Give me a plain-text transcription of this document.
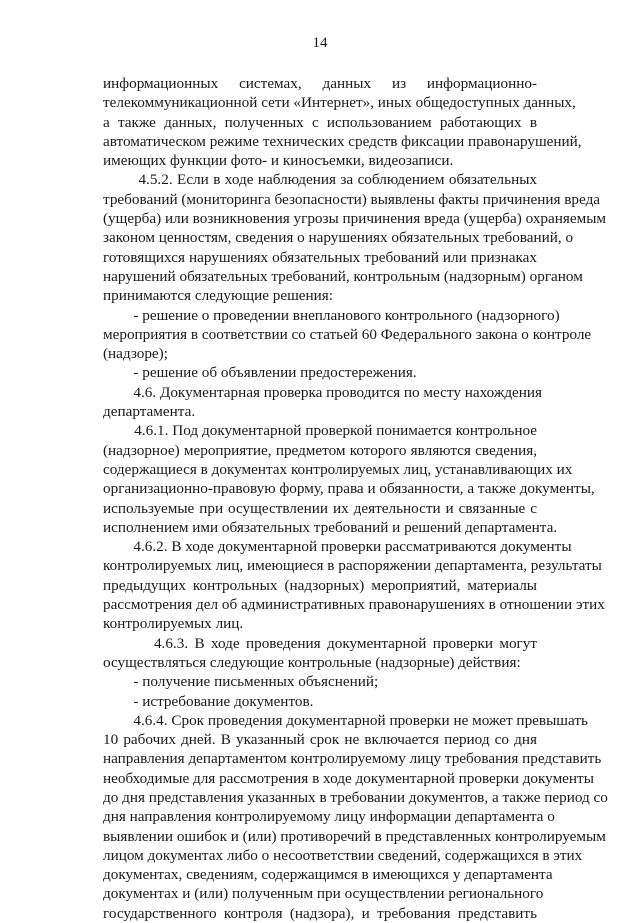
14
информационных системах, данных из информационно-
телекоммуникационной сети «Интернет», иных общедоступных данных,
а также данных, полученных с использованием работающих в
автоматическом режиме технических средств фиксации правонарушений,
имеющих функции фото- и киносъемки, видеозаписи.
4.5.2. Если в ходе наблюдения за соблюдением обязательных
требований (мониторинга безопасности) выявлены факты причинения вреда
(ущерба) или возникновения угрозы причинения вреда (ущерба) охраняемым
законом ценностям, сведения о нарушениях обязательных требований, о
готовящихся нарушениях обязательных требований или признаках
нарушений обязательных требований, контрольным (надзорным) органом
принимаются следующие решения:
- решение о проведении внепланового контрольного (надзорного)
мероприятия в соответствии со статьей 60 Федерального закона о контроле
(надзоре);
- решение об объявлении предостережения.
4.6. Документарная проверка проводится по месту нахождения
департамента.
4.6.1. Под документарной проверкой понимается контрольное
(надзорное) мероприятие, предметом которого являются сведения,
содержащиеся в документах контролируемых лиц, устанавливающих их
организационно-правовую форму, права и обязанности, а также документы,
используемые при осуществлении их деятельности и связанные с
исполнением ими обязательных требований и решений департамента.
4.6.2. В ходе документарной проверки рассматриваются документы
контролируемых лиц, имеющиеся в распоряжении департамента, результаты
предыдущих контрольных (надзорных) мероприятий, материалы
рассмотрения дел об административных правонарушениях в отношении этих
контролируемых лиц.
4.6.3. В ходе проведения документарной проверки могут
осуществляться следующие контрольные (надзорные) действия:
- получение письменных объяснений;
- истребование документов.
4.6.4. Срок проведения документарной проверки не может превышать
10 рабочих дней. В указанный срок не включается период со дня
направления департаментом контролируемому лицу требования представить
необходимые для рассмотрения в ходе документарной проверки документы
до дня представления указанных в требовании документов, а также период со
дня направления контролируемому лицу информации департамента о
выявлении ошибок и (или) противоречий в представленных контролируемым
лицом документах либо о несоответствии сведений, содержащихся в этих
документах, сведениям, содержащимся в имеющихся у департамента
документах и (или) полученным при осуществлении регионального
государственного контроля (надзора), и требования представить
